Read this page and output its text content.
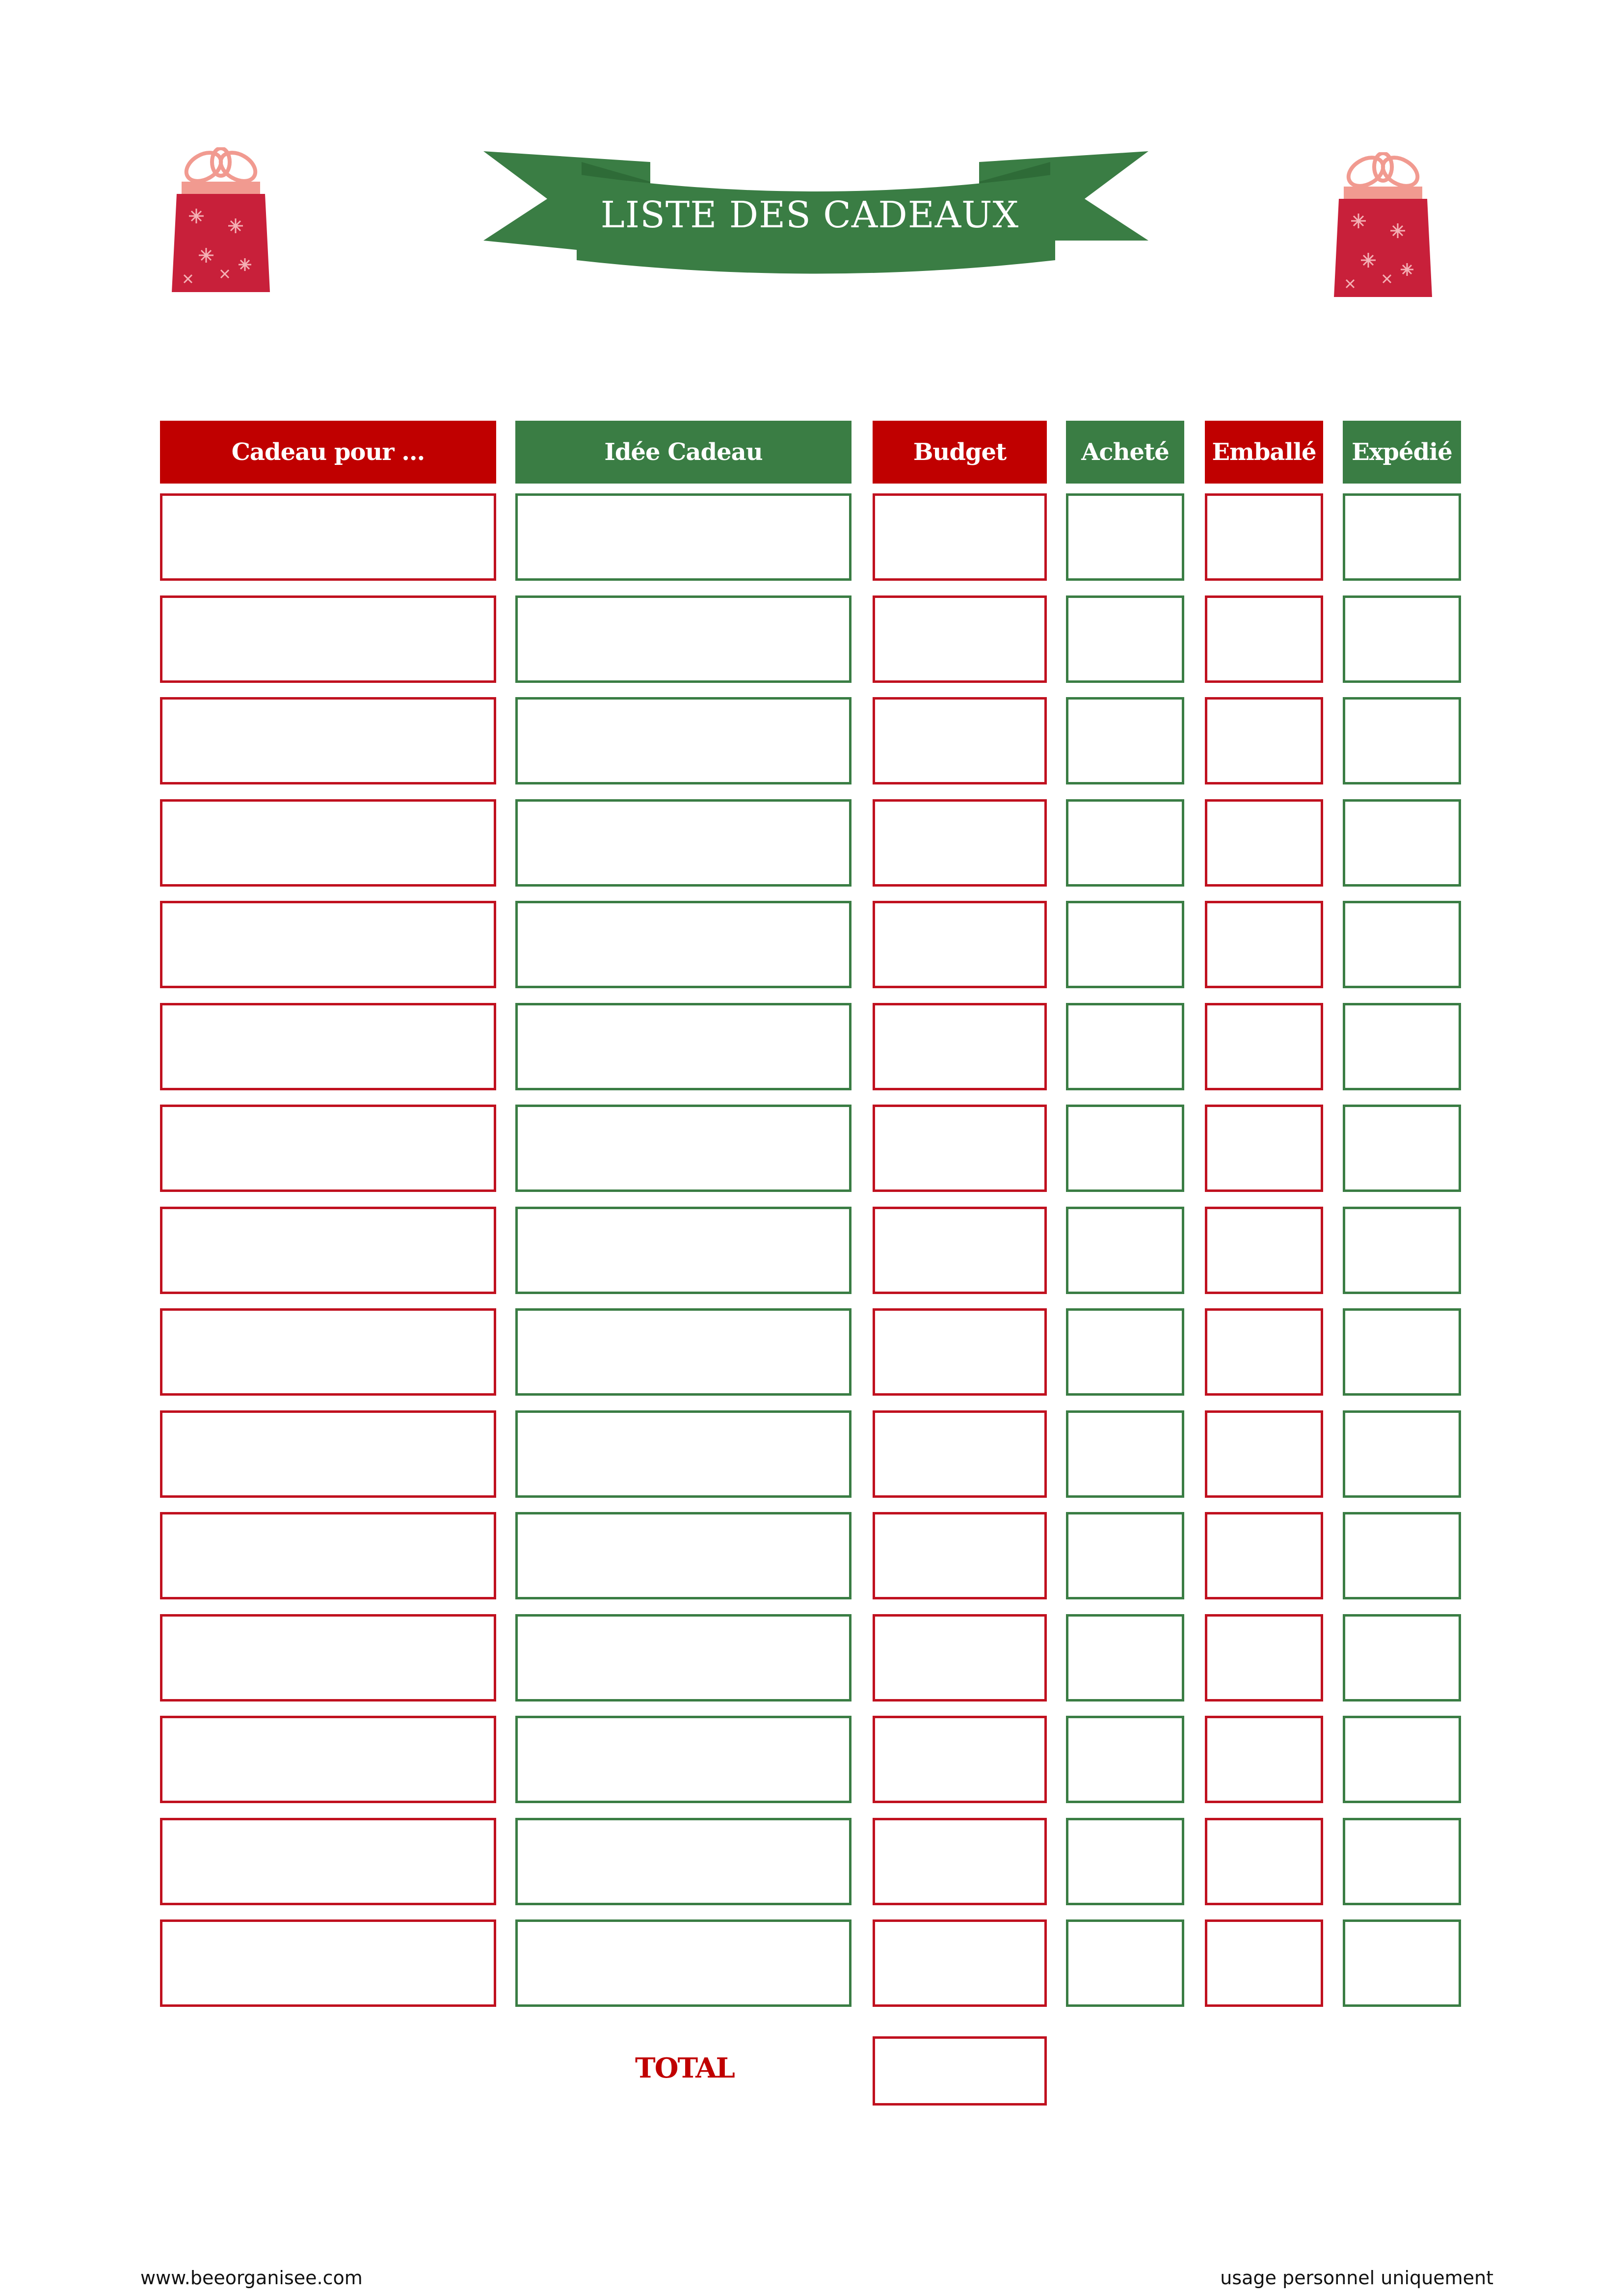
LISTE DES CADEAUX
Cadeau pour …	Idée Cadeau	Budget	Acheté	Emballé	Expédié
TOTAL
www.beeorganisee.com	usage personnel uniquement
